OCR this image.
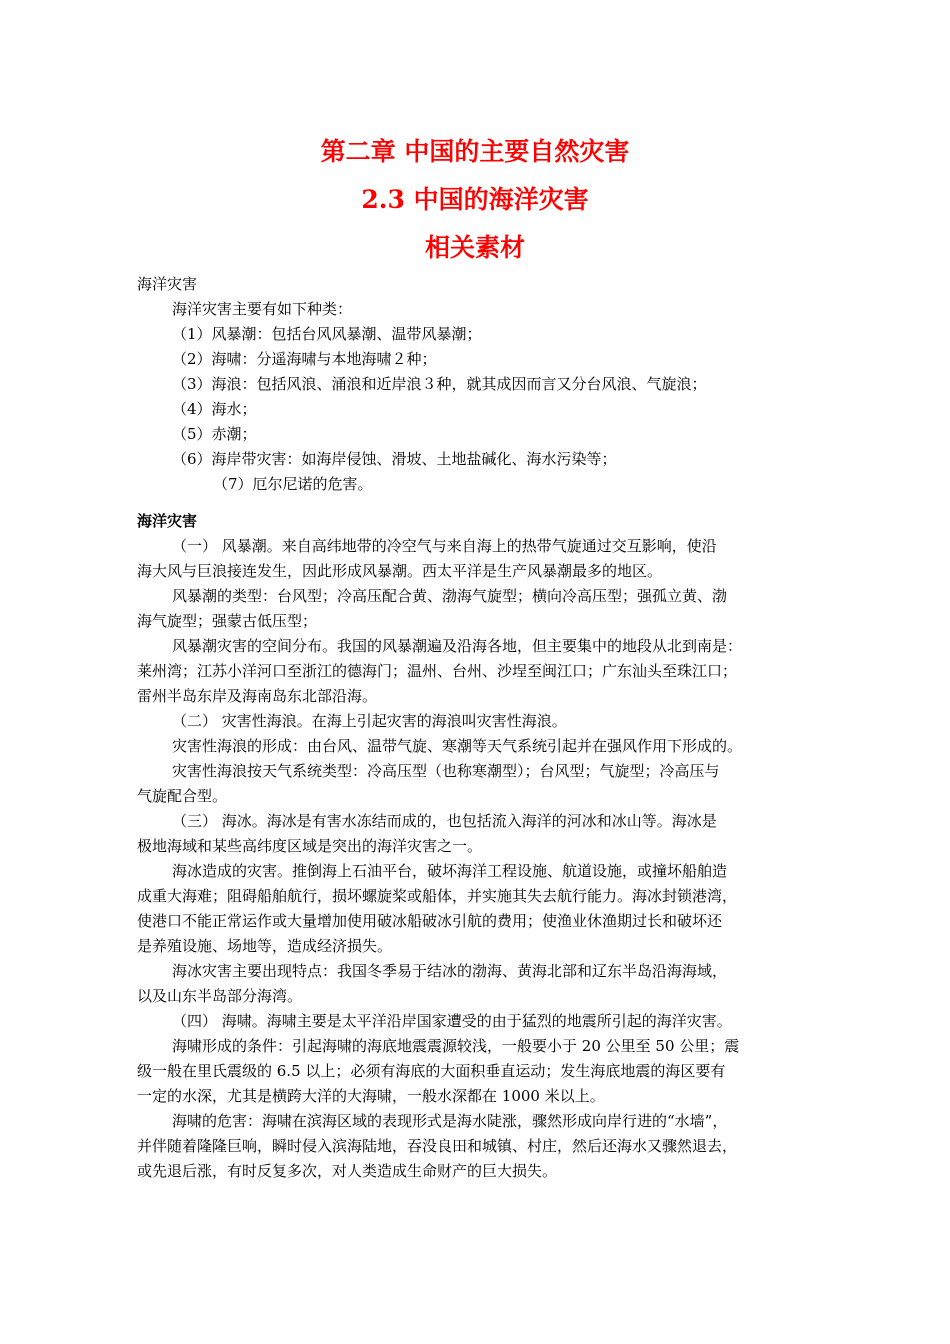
第二章 中国的主要自然灾害
2.3 中国的海洋灾害
相关素材
海洋灾害
海洋灾害主要有如下种类：
（1）风暴潮：包括台风风暴潮、温带风暴潮；
（2）海啸：分遥海啸与本地海啸２种；
（3）海浪：包括风浪、涌浪和近岸浪３种，就其成因而言又分台风浪、气旋浪；
（4）海水；
（5）赤潮；
（6）海岸带灾害：如海岸侵蚀、滑坡、土地盐碱化、海水污染等；
（7）厄尔尼诺的危害。
海洋灾害
（一） 风暴潮。来自高纬地带的冷空气与来自海上的热带气旋通过交互影响，使沿
海大风与巨浪接连发生，因此形成风暴潮。西太平洋是生产风暴潮最多的地区。
风暴潮的类型：台风型；冷高压配合黄、渤海气旋型；横向冷高压型；强孤立黄、渤
海气旋型；强蒙古低压型；
风暴潮灾害的空间分布。我国的风暴潮遍及沿海各地，但主要集中的地段从北到南是：
莱州湾；江苏小洋河口至浙江的德海门；温州、台州、沙埕至闽江口；广东汕头至珠江口；
雷州半岛东岸及海南岛东北部沿海。
（二） 灾害性海浪。在海上引起灾害的海浪叫灾害性海浪。
灾害性海浪的形成：由台风、温带气旋、寒潮等天气系统引起并在强风作用下形成的。
灾害性海浪按天气系统类型：冷高压型（也称寒潮型）；台风型；气旋型；冷高压与
气旋配合型。
（三） 海冰。海冰是有害水冻结而成的，也包括流入海洋的河冰和冰山等。海冰是
极地海域和某些高纬度区域是突出的海洋灾害之一。
海冰造成的灾害。推倒海上石油平台，破坏海洋工程设施、航道设施，或撞坏船舶造
成重大海难；阻碍船舶航行，损坏螺旋桨或船体，并实施其失去航行能力。海冰封锁港湾，
使港口不能正常运作或大量增加使用破冰船破冰引航的费用；使渔业休渔期过长和破坏还
是养殖设施、场地等，造成经济损失。
海冰灾害主要出现特点：我国冬季易于结冰的渤海、黄海北部和辽东半岛沿海海域，
以及山东半岛部分海湾。
（四） 海啸。海啸主要是太平洋沿岸国家遭受的由于猛烈的地震所引起的海洋灾害。
海啸形成的条件：引起海啸的海底地震震源较浅，一般要小于 20 公里至 50 公里；震
级一般在里氏震级的 6.5 以上；必须有海底的大面积垂直运动；发生海底地震的海区要有
一定的水深，尤其是横跨大洋的大海啸，一般水深都在 1000 米以上。
海啸的危害：海啸在滨海区域的表现形式是海水陡涨，骤然形成向岸行进的“水墙”，
并伴随着隆隆巨响，瞬时侵入滨海陆地，吞没良田和城镇、村庄，然后还海水又骤然退去，
或先退后涨，有时反复多次，对人类造成生命财产的巨大损失。
